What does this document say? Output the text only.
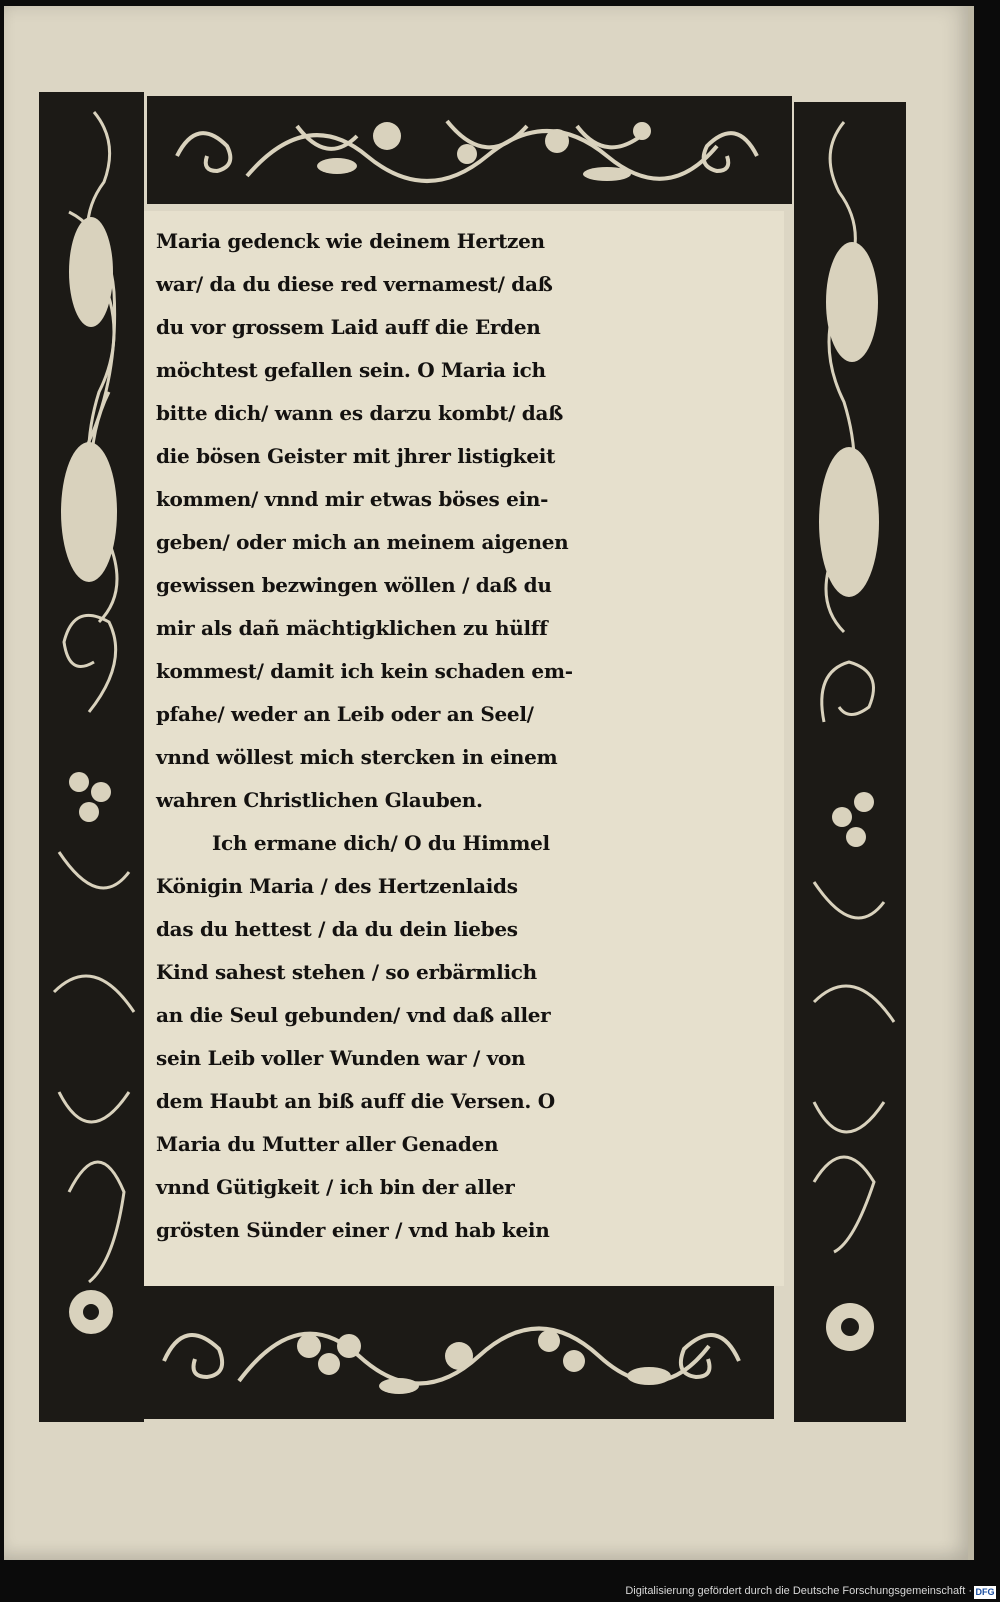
Maria gedenck wie deinem Hertzen
war/ da du diese red vernamest/ daß
du vor grossem Laid auff die Erden
möchtest gefallen sein. O Maria ich
bitte dich/ wann es darzu kombt/ daß
die bösen Geister mit jhrer listigkeit
kommen/ vnnd mir etwas böses ein-
geben/ oder mich an meinem aigenen
gewissen bezwingen wöllen / daß du
mir als dañ mächtigklichen zu hülff
kommest/ damit ich kein schaden em-
pfahe/ weder an Leib oder an Seel/
vnnd wöllest mich stercken in einem
wahren Christlichen Glauben.
Ich ermane dich/ O du Himmel
Königin Maria / des Hertzenlaids
das du hettest / da du dein liebes
Kind sahest stehen / so erbärmlich
an die Seul gebunden/ vnd daß aller
sein Leib voller Wunden war / von
dem Haubt an biß auff die Versen. O
Maria du Mutter aller Genaden
vnnd Gütigkeit / ich bin der aller
grösten Sünder einer / vnd hab kein
Digitalisierung gefördert durch die Deutsche Forschungsgemeinschaft · DFG
